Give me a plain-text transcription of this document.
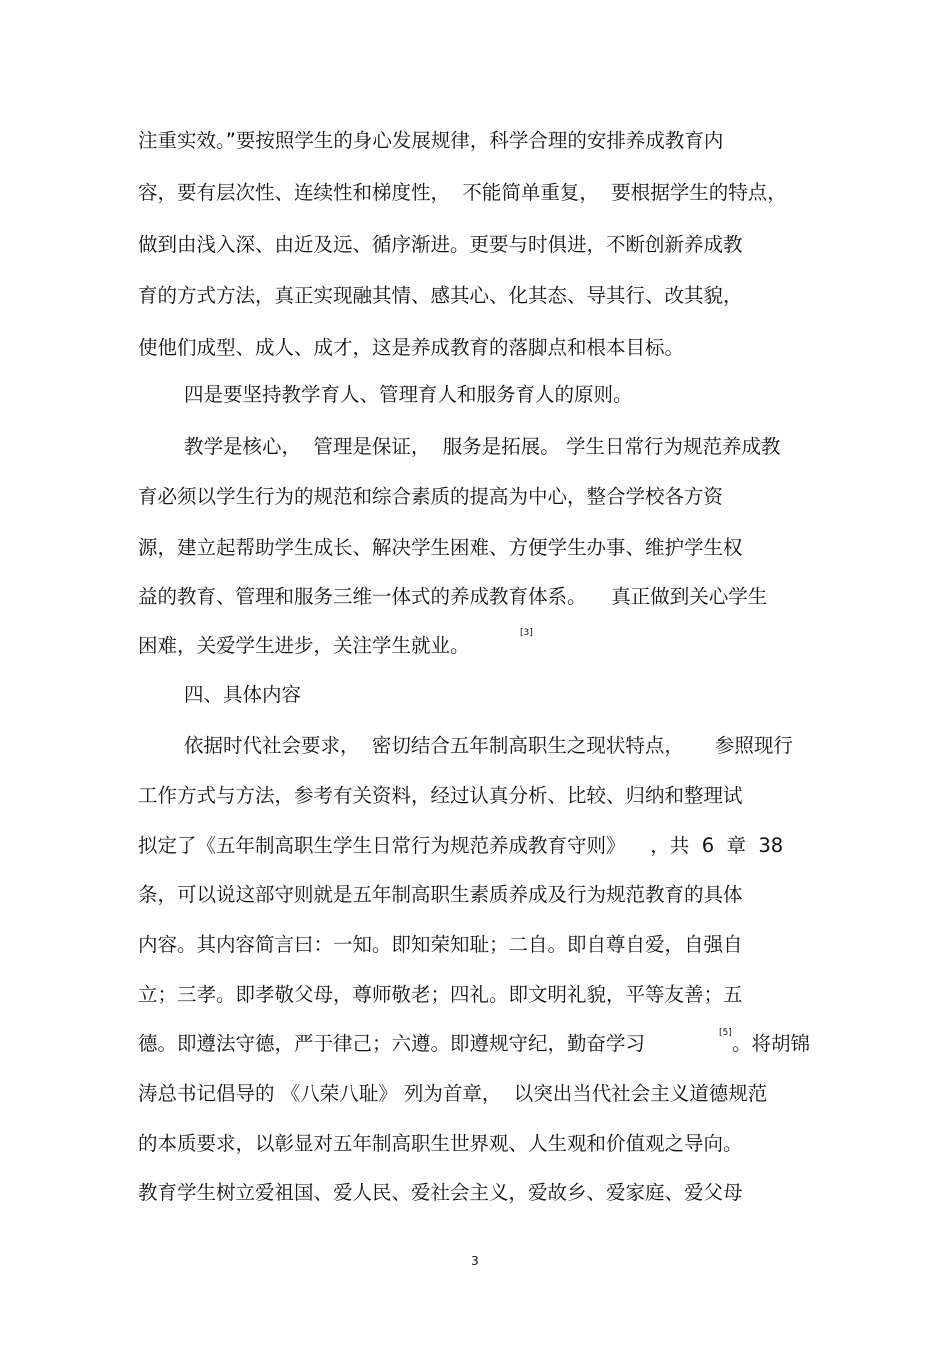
注重实效。”要按照学生的身心发展规律，科学合理的安排养成教育内
容，要有层次性、连续性和梯度性，  不能简单重复，  要根据学生的特点，
做到由浅入深、由近及远、循序渐进。更要与时俱进，不断创新养成教
育的方式方法，真正实现融其情、感其心、化其态、导其行、改其貌，
使他们成型、成人、成才，这是养成教育的落脚点和根本目标。
四是要坚持教学育人、管理育人和服务育人的原则。
教学是核心，  管理是保证，  服务是拓展。 学生日常行为规范养成教
育必须以学生行为的规范和综合素质的提高为中心，整合学校各方资
源，建立起帮助学生成长、解决学生困难、方便学生办事、维护学生权
益的教育、管理和服务三维一体式的养成教育体系。    真正做到关心学生
困难，关爱学生进步，关注学生就业。
[3]
四、具体内容
依据时代社会要求，  密切结合五年制高职生之现状特点，     参照现行
工作方式与方法，参考有关资料，经过认真分析、比较、归纳和整理试
拟定了《五年制高职生学生日常行为规范养成教育守则》    ，共  6  章  38
条，可以说这部守则就是五年制高职生素质养成及行为规范教育的具体
内容。其内容简言曰：一知。即知荣知耻；二自。即自尊自爱，自强自
立；三孝。即孝敬父母，尊师敬老；四礼。即文明礼貌，平等友善；五
德。即遵法守德，严于律己；六遵。即遵规守纪，勤奋学习	[5] 。将胡锦
涛总书记倡导的 《八荣八耻》 列为首章，  以突出当代社会主义道德规范
的本质要求，以彰显对五年制高职生世界观、人生观和价值观之导向。
教育学生树立爱祖国、爱人民、爱社会主义，爱故乡、爱家庭、爱父母
3
